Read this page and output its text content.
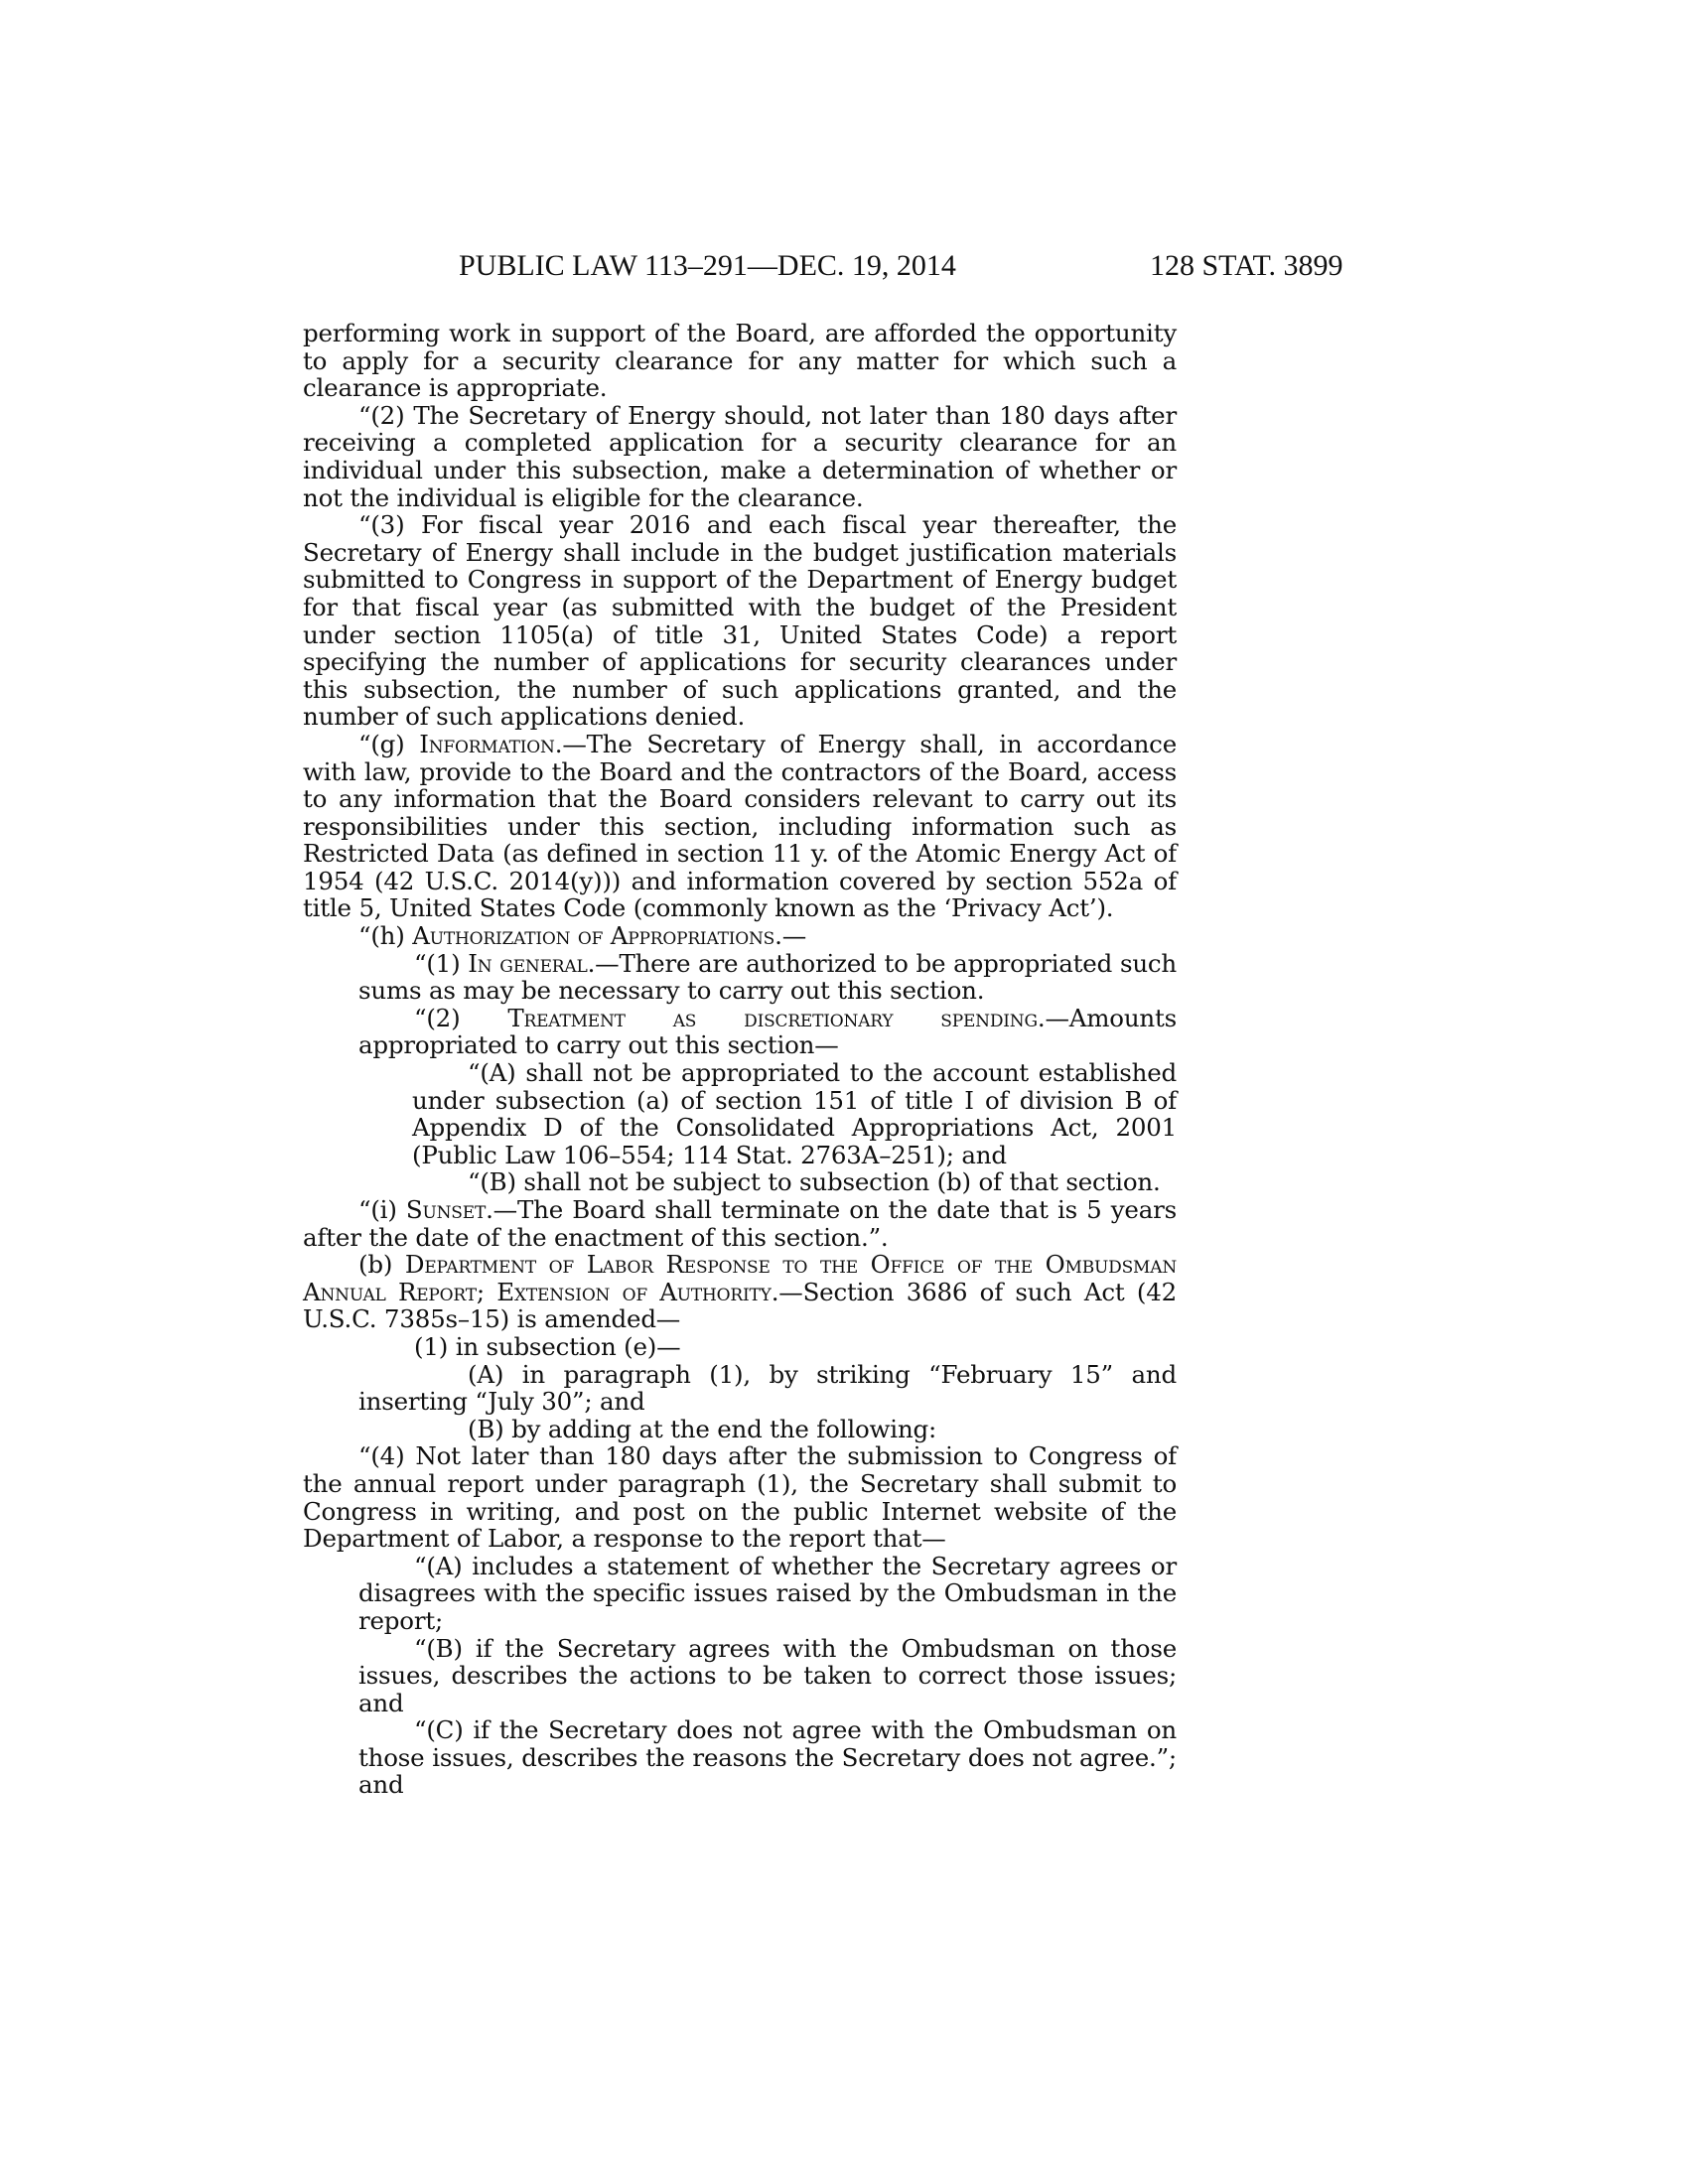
PUBLIC LAW 113–291—DEC. 19, 2014	128 STAT. 3899

performing work in support of the Board, are afforded the opportunity to apply for a security clearance for any matter for which such a clearance is appropriate.

“(2) The Secretary of Energy should, not later than 180 days after receiving a completed application for a security clearance for an individual under this subsection, make a determination of whether or not the individual is eligible for the clearance.

“(3) For fiscal year 2016 and each fiscal year thereafter, the Secretary of Energy shall include in the budget justification materials submitted to Congress in support of the Department of Energy budget for that fiscal year (as submitted with the budget of the President under section 1105(a) of title 31, United States Code) a report specifying the number of applications for security clearances under this subsection, the number of such applications granted, and the number of such applications denied.

“(g) Information.—The Secretary of Energy shall, in accordance with law, provide to the Board and the contractors of the Board, access to any information that the Board considers relevant to carry out its responsibilities under this section, including information such as Restricted Data (as defined in section 11 y. of the Atomic Energy Act of 1954 (42 U.S.C. 2014(y))) and information covered by section 552a of title 5, United States Code (commonly known as the ‘Privacy Act’).

“(h) Authorization of Appropriations.—

“(1) In general.—There are authorized to be appropriated such sums as may be necessary to carry out this section.

“(2) Treatment as discretionary spending.—Amounts appropriated to carry out this section—

“(A) shall not be appropriated to the account established under subsection (a) of section 151 of title I of division B of Appendix D of the Consolidated Appropriations Act, 2001 (Public Law 106–554; 114 Stat. 2763A–251); and

“(B) shall not be subject to subsection (b) of that section.

“(i) Sunset.—The Board shall terminate on the date that is 5 years after the date of the enactment of this section.”.

(b) Department of Labor Response to the Office of the Ombudsman Annual Report; Extension of Authority.—Section 3686 of such Act (42 U.S.C. 7385s–15) is amended—

(1) in subsection (e)—

(A) in paragraph (1), by striking “February 15” and inserting “July 30”; and

(B) by adding at the end the following:

“(4) Not later than 180 days after the submission to Congress of the annual report under paragraph (1), the Secretary shall submit to Congress in writing, and post on the public Internet website of the Department of Labor, a response to the report that—

“(A) includes a statement of whether the Secretary agrees or disagrees with the specific issues raised by the Ombudsman in the report;

“(B) if the Secretary agrees with the Ombudsman on those issues, describes the actions to be taken to correct those issues; and

“(C) if the Secretary does not agree with the Ombudsman on those issues, describes the reasons the Secretary does not agree.”; and
